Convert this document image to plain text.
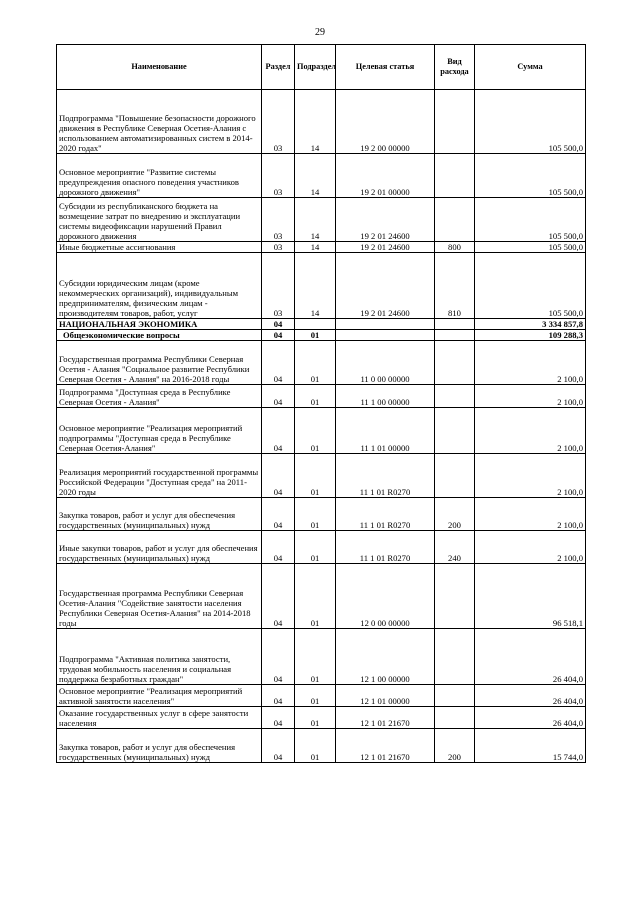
29
Наименование	Раздел	Подраздел	Целевая статья	Вид расхода	Сумма
Подпрограмма "Повышение безопасности дорожного движения в Республике Северная Осетия-Алания с использованием автоматизированных систем в 2014-2020 годах"	03	14	19 2 00 00000		105 500,0
Основное мероприятие "Развитие системы предупреждения опасного поведения участников дорожного движения"	03	14	19 2 01 00000		105 500,0
Субсидии из республиканского бюджета на возмещение затрат по внедрению и эксплуатации системы видеофиксации нарушений Правил дорожного движения	03	14	19 2 01 24600		105 500,0
Иные бюджетные ассигнования	03	14	19 2 01 24600	800	105 500,0
Субсидии юридическим лицам (кроме некоммерческих организаций), индивидуальным предпринимателям, физическим лицам - производителям товаров, работ, услуг	03	14	19 2 01 24600	810	105 500,0
НАЦИОНАЛЬНАЯ ЭКОНОМИКА	04				3 334 857,8
Общеэкономические вопросы	04	01			109 288,3
Государственная программа Республики Северная Осетия - Алания "Социальное развитие Республики Северная Осетия - Алания" на 2016-2018 годы	04	01	11 0 00 00000		2 100,0
Подпрограмма "Доступная среда в Республике Северная Осетия - Алания"	04	01	11 1 00 00000		2 100,0
Основное мероприятие "Реализация мероприятий подпрограммы "Доступная среда в Республике Северная Осетия-Алания"	04	01	11 1 01 00000		2 100,0
Реализация мероприятий государственной программы Российской Федерации "Доступная среда" на 2011-2020 годы	04	01	11 1 01 R0270		2 100,0
Закупка товаров, работ и услуг для обеспечения государственных (муниципальных) нужд	04	01	11 1 01 R0270	200	2 100,0
Иные закупки товаров, работ и услуг для обеспечения государственных (муниципальных) нужд	04	01	11 1 01 R0270	240	2 100,0
Государственная программа Республики Северная Осетия-Алания "Содействие занятости населения Республики Северная Осетия-Алания" на 2014-2018 годы	04	01	12 0 00 00000		96 518,1
Подпрограмма "Активная политика занятости, трудовая мобильность населения и социальная поддержка безработных граждан"	04	01	12 1 00 00000		26 404,0
Основное мероприятие "Реализация мероприятий активной занятости населения"	04	01	12 1 01 00000		26 404,0
Оказание государственных услуг в сфере занятости населения	04	01	12 1 01 21670		26 404,0
Закупка товаров, работ и услуг для обеспечения государственных (муниципальных) нужд	04	01	12 1 01 21670	200	15 744,0
